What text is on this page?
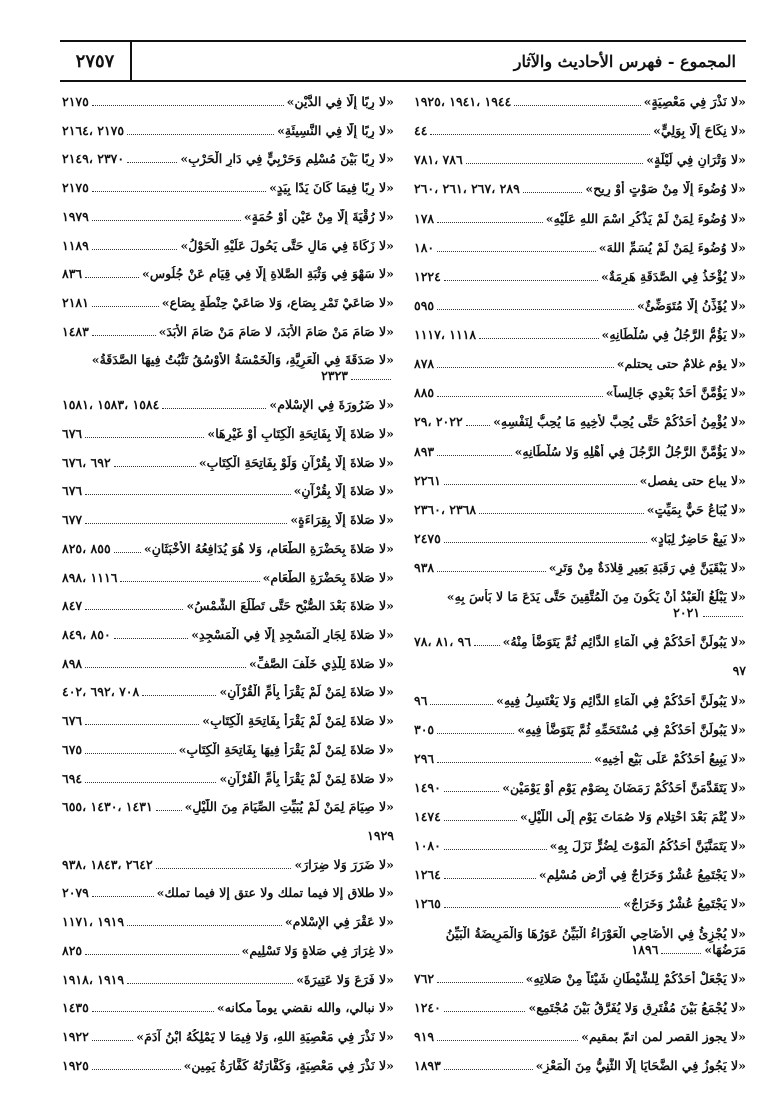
المجموع - فهرس الأحاديث والآثار
٢٧٥٧
«لا رِبًا إِلَّا فِي الدَّيْنِ»
٢١٧٥
«لا رِبًا إِلَّا فِي النَّسِيئَةِ»
٢١٧٥ ،٢١٦٤
«لا رِبًا بَيْنَ مُسْلِمٍ وَحَرْبِيٍّ فِي دَارِ الْحَرْبِ»
٢٣٧٠ ،٢١٤٩
«لا رِبًا فِيمَا كَانَ يَدًا بِيَدٍ»
٢١٧٥
«لا رُقْيَةَ إِلَّا مِنْ عَيْنٍ أَوْ حُمَةٍ»
١٩٧٩
«لا زَكَاةَ فِي مَالٍ حَتَّى يَحُولَ عَلَيْهِ الْحَوْلُ»
١١٨٩
«لا سَهْوَ فِي وَثْبَةِ الصَّلاةِ إِلَّا فِي قِيَامٍ عَنْ جُلُوسٍ»
٨٣٦
«لا صَاعَيْ تَمْرٍ بِصَاعٍ، وَلا صَاعَيْ حِنْطَةٍ بِصَاعٍ»
٢١٨١
«لا صَامَ مَنْ صَامَ الأَبَدَ، لا صَامَ مَنْ صَامَ الأَبَدَ»
١٤٨٣
«لا صَدَقَةَ فِي الْعَرِيَّةِ، وَالْخَمْسَةُ الأَوْسُقُ تَثْبُتُ فِيهَا الصَّدَقَةُ»٢٣٢٣
«لا ضَرُورَةَ فِي الإِسْلامِ»
١٥٨٤ ،١٥٨٣ ،١٥٨١
«لا صَلاةَ إِلَّا بِفَاتِحَةِ الْكِتَابِ أَوْ غَيْرِهَا»
٦٧٦
«لا صَلاةَ إِلَّا بِقُرْآنٍ وَلَوْ بِفَاتِحَةِ الْكِتَابِ»
٦٩٢ ،٦٧٦
«لا صَلاةَ إِلَّا بِقُرْآنٍ»
٦٧٦
«لا صَلاةَ إِلَّا بِقِرَاءَةٍ»
٦٧٧
«لا صَلاةَ بِحَضْرَةِ الطَّعَامِ، وَلا هُوَ يُدَافِعُهُ الأَخْبَثَانِ»
٨٥٥ ،٨٢٥
«لا صَلاةَ بِحَضْرَةِ الطَّعَامِ»
١١١٦ ،٨٩٨
«لا صَلاةَ بَعْدَ الصُّبْحِ حَتَّى تَطْلُعَ الشَّمْسُ»
٨٤٧
«لا صَلاةَ لِجَارِ الْمَسْجِدِ إِلَّا فِي الْمَسْجِدِ»
٨٥٠ ،٨٤٩
«لا صَلاةَ لِلَّذِي خَلْفَ الصَّفِّ»
٨٩٨
«لا صَلاةَ لِمَنْ لَمْ يَقْرَأْ بِأُمِّ الْقُرْآنِ»
٧٠٨ ،٦٩٢ ،٤٠٢
«لا صَلاةَ لِمَنْ لَمْ يَقْرَأْ بِفَاتِحَةِ الْكِتَابِ»
٦٧٦
«لا صَلاةَ لِمَنْ لَمْ يَقْرَأْ فِيهَا بِفَاتِحَةِ الْكِتَابِ»
٦٧٥
«لا صَلاةَ لِمَنْ لَمْ يَقْرَأْ بِأُمِّ الْقُرْآنِ»
٦٩٤
«لا صِيَامَ لِمَنْ لَمْ يُبَيِّتِ الصِّيَامَ مِنَ اللَّيْلِ»
١٤٣١ ،١٤٣٠ ،٦٥٥
١٩٢٩
«لا ضَرَرَ وَلا ضِرَارَ»
٢٦٤٢ ،١٨٤٣ ،٩٣٨
«لا طلاق إلا فيما تملك ولا عتق إلا فيما تملك»
٢٠٧٩
«لا عَقْرَ فِي الإِسْلامِ»
١٩١٩ ،١١٧١
«لا غِرَارَ فِي صَلاةٍ وَلا تَسْلِيمٍ»
٨٢٥
«لا فَرَعَ وَلا عَتِيرَةَ»
١٩١٩ ،١٩١٨
«لا نبالي، والله نقضي يوماً مكانه»
١٤٣٥
«لا نَذْرَ فِي مَعْصِيَةِ اللهِ، وَلا فِيمَا لا يَمْلِكُهُ ابْنُ آدَمَ»
١٩٢٢
«لا نَذْرَ فِي مَعْصِيَةٍ، وَكَفَّارَتُهُ كَفَّارَةُ يَمِينٍ»
١٩٢٥
«لا نَذْرَ فِي مَعْصِيَةٍ»
١٩٤٤ ،١٩٤١ ،١٩٢٥
«لا نِكَاحَ إِلَّا بِوَلِيٍّ»
٤٤
«لا وَتْرَانِ فِي لَيْلَةٍ»
٧٨٦ ،٧٨١
«لا وُضُوءَ إِلَّا مِنْ صَوْتٍ أَوْ رِيحٍ»
٢٨٩ ،٢٦٧ ،٢٦١ ،٢٦٠
«لا وُضُوءَ لِمَنْ لَمْ يَذْكُرِ اسْمَ اللهِ عَلَيْهِ»
١٧٨
«لا وُضُوءَ لِمَنْ لَمْ يُسَمِّ اللهَ»
١٨٠
«لا يُؤْخَذُ فِي الصَّدَقَةِ هَرِمَةٌ»
١٢٢٤
«لا يُؤَذِّنُ إِلَّا مُتَوَضِّئٌ»
٥٩٥
«لا يَؤُمُّ الرَّجُلُ فِي سُلْطَانِهِ»
١١١٨ ،١١١٧
«لا يؤم غلامٌ حتى يحتلم»
٨٧٨
«لا يَؤُمَّنَّ أَحَدٌ بَعْدِي جَالِساً»
٨٨٥
«لا يُؤْمِنُ أَحَدُكُمْ حَتَّى يُحِبَّ لأَخِيهِ مَا يُحِبُّ لِنَفْسِهِ»
٢٠٢٢ ،٢٩
«لا يَؤُمَّنَّ الرَّجُلُ الرَّجُلَ فِي أَهْلِهِ وَلا سُلْطَانِهِ»
٨٩٣
«لا يباع حتى يفصل»
٢٢٦١
«لا يُبَاعُ حَيٌّ بِمَيِّتٍ»
٢٣٦٨ ،٢٣٦٠
«لا يَبِعْ حَاضِرٌ لِبَادٍ»
٢٤٧٥
«لا يَبْقَيَنَّ فِي رَقَبَةِ بَعِيرٍ قِلادَةٌ مِنْ وَتَرٍ»
٩٣٨
«لا يَبْلُغُ الْعَبْدُ أَنْ يَكُونَ مِنَ الْمُتَّقِينَ حَتَّى يَدَعَ مَا لا بَأْسَ بِهِ»٢٠٢١
«لا يَبُولَنَّ أَحَدُكُمْ فِي الْمَاءِ الدَّائِمِ ثُمَّ يَتَوَضَّأُ مِنْهُ»
٩٦ ،٨١ ،٧٨
٩٧
«لا يَبُولَنَّ أَحَدُكُمْ فِي الْمَاءِ الدَّائِمِ وَلا يَغْتَسِلُ فِيهِ»
٩٦
«لا يَبُولَنَّ أَحَدُكُمْ فِي مُسْتَحَمِّهِ ثُمَّ يَتَوَضَّأُ فِيهِ»
٣٠٥
«لا يَبِيعُ أَحَدُكُمْ عَلَى بَيْعِ أَخِيهِ»
٢٩٦
«لا يَتَقَدَّمَنَّ أَحَدُكُمْ رَمَضَانَ بِصَوْمِ يَوْمٍ أَوْ يَوْمَيْنِ»
١٤٩٠
«لا يُتْمَ بَعْدَ احْتِلامٍ وَلا صُمَاتَ يَوْمٍ إِلَى اللَّيْلِ»
١٤٧٤
«لا يَتَمَنَّيَنَّ أَحَدُكُمُ الْمَوْتَ لِضُرٍّ نَزَلَ بِهِ»
١٠٨٠
«لا يَجْتَمِعُ عُشْرٌ وَخَرَاجٌ فِي أَرْضِ مُسْلِمٍ»
١٢٦٤
«لا يَجْتَمِعُ عُشْرٌ وَخَرَاجٌ»
١٢٦٥
«لا يُجْزِئُ فِي الأَضَاحِي الْعَوْرَاءُ الْبَيِّنُ عَوَرُهَا وَالْمَرِيضَةُ الْبَيِّنُ مَرَضُهَا»١٨٩٦
«لا يَجْعَلْ أَحَدُكُمْ لِلشَّيْطَانِ شَيْئاً مِنْ صَلاتِهِ»
٧٦٢
«لا يُجْمَعُ بَيْنَ مُفْتَرِقٍ وَلا يُفَرَّقُ بَيْنَ مُجْتَمِعٍ»
١٢٤٠
«لا يجوز القصر لمن اتمّ بمقيم»
٩١٩
«لا يَجُوزُ فِي الضَّحَايَا إِلَّا الثَّنِيُّ مِنَ الْمَعْزِ»
١٨٩٣
